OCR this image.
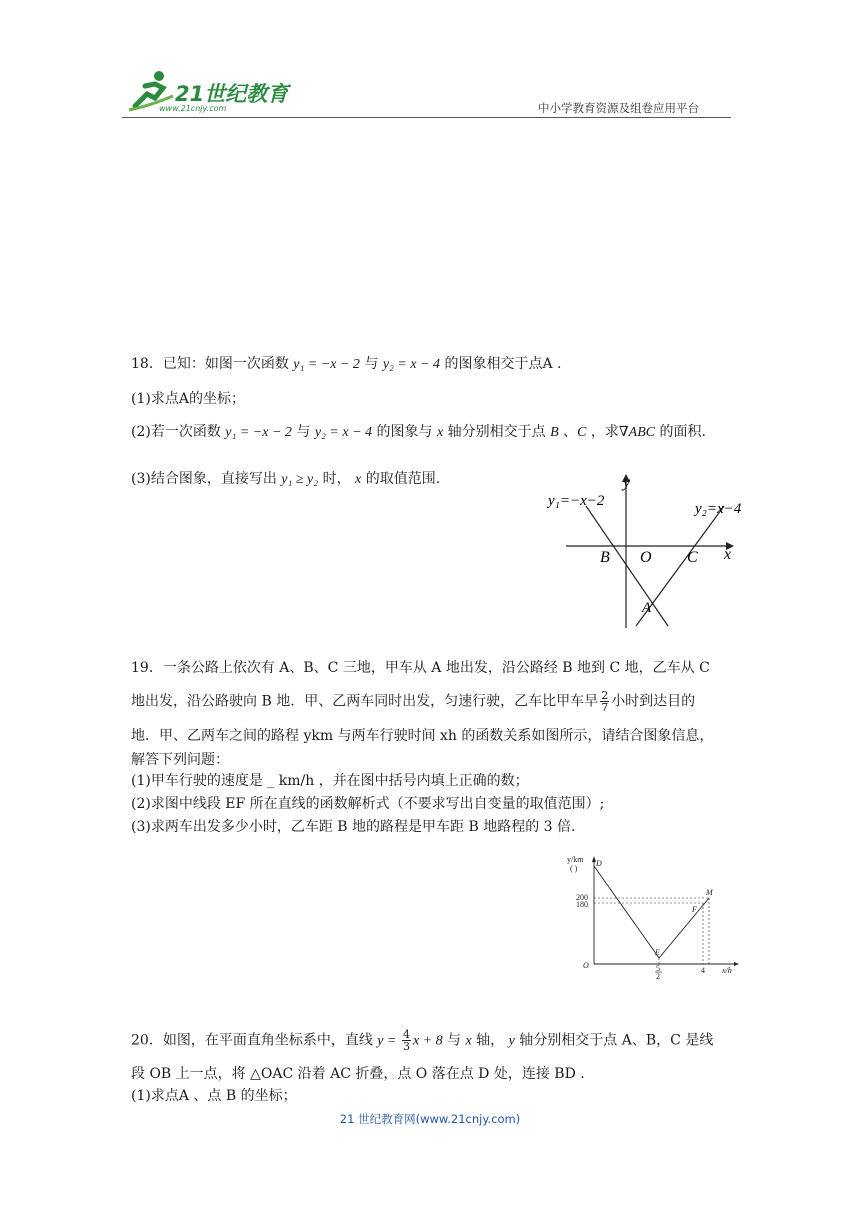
21世纪教育
www.21cnjy.com	中小学教育资源及组卷应用平台
18．已知：如图一次函数 y₁ = −x − 2 与 y₂ = x − 4 的图象相交于点A .
(1)求点A的坐标；
(2)若一次函数 y₁ = −x − 2 与 y₂ = x − 4 的图象与 x 轴分别相交于点 B 、C ，求∇ABC 的面积.
(3)结合图象，直接写出 y₁ ≥ y₂ 时， x 的取值范围.
y₁=−x−2	y₂=x−4
y
x
B O C
A
19．一条公路上依次有 A、B、C 三地，甲车从 A 地出发，沿公路经 B 地到 C 地，乙车从 C
地出发，沿公路驶向 B 地．甲、乙两车同时出发，匀速行驶，乙车比甲车早 $\frac{2}{7}$ 小时到达目的
地．甲、乙两车之间的路程 ykm 与两车行驶时间 xh 的函数关系如图所示，请结合图象信息，
解答下列问题：
(1)甲车行驶的速度是 _ km/h ，并在图中括号内填上正确的数；
(2)求图中线段 EF 所在直线的函数解析式（不要求写出自变量的取值范围）;
(3)求两车出发多少小时，乙车距 B 地的路程是甲车距 B 地路程的 3 倍.
y/km
( )
D
M
F
E
O
200
180
4
5
2
x/h
20．如图，在平面直角坐标系中，直线 $y = \frac{4}{3}$ x + 8 与 x 轴， y 轴分别相交于点 A、B，C 是线
段 OB 上一点，将 △OAC 沿着 AC 折叠，点 O 落在点 D 处，连接 BD .
(1)求点A 、点 B 的坐标；
21 世纪教育网(www.21cnjy.com)
